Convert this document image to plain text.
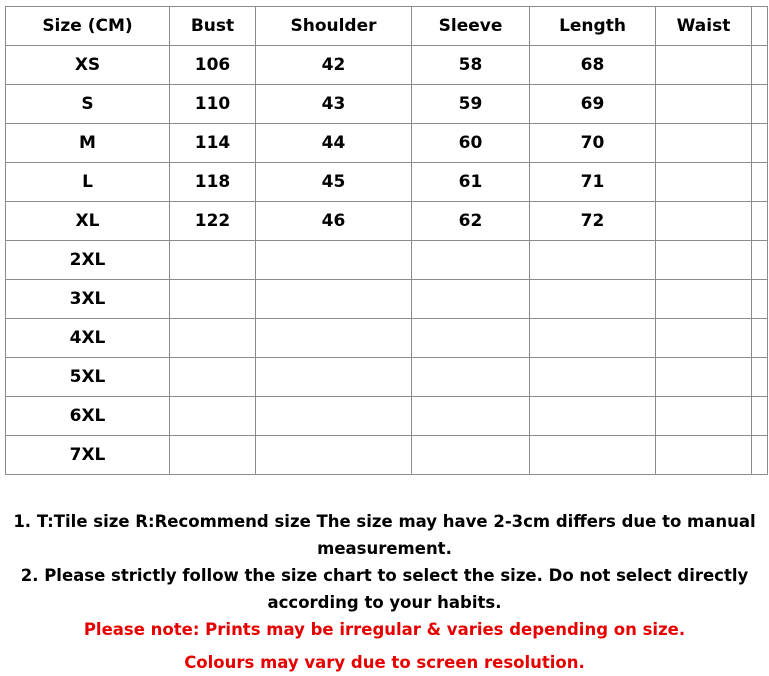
Size (CM)	Bust	Shoulder	Sleeve	Length	Waist	
XS	106	42	58	68		
S	110	43	59	69		
M	114	44	60	70		
L	118	45	61	71		
XL	122	46	62	72		
2XL						
3XL						
4XL						
5XL						
6XL						
7XL						

1. T:Tile size R:Recommend size The size may have 2-3cm differs due to manual measurement.

2. Please strictly follow the size chart to select the size. Do not select directly according to your habits.

Please note: Prints may be irregular & varies depending on size.

Colours may vary due to screen resolution.
